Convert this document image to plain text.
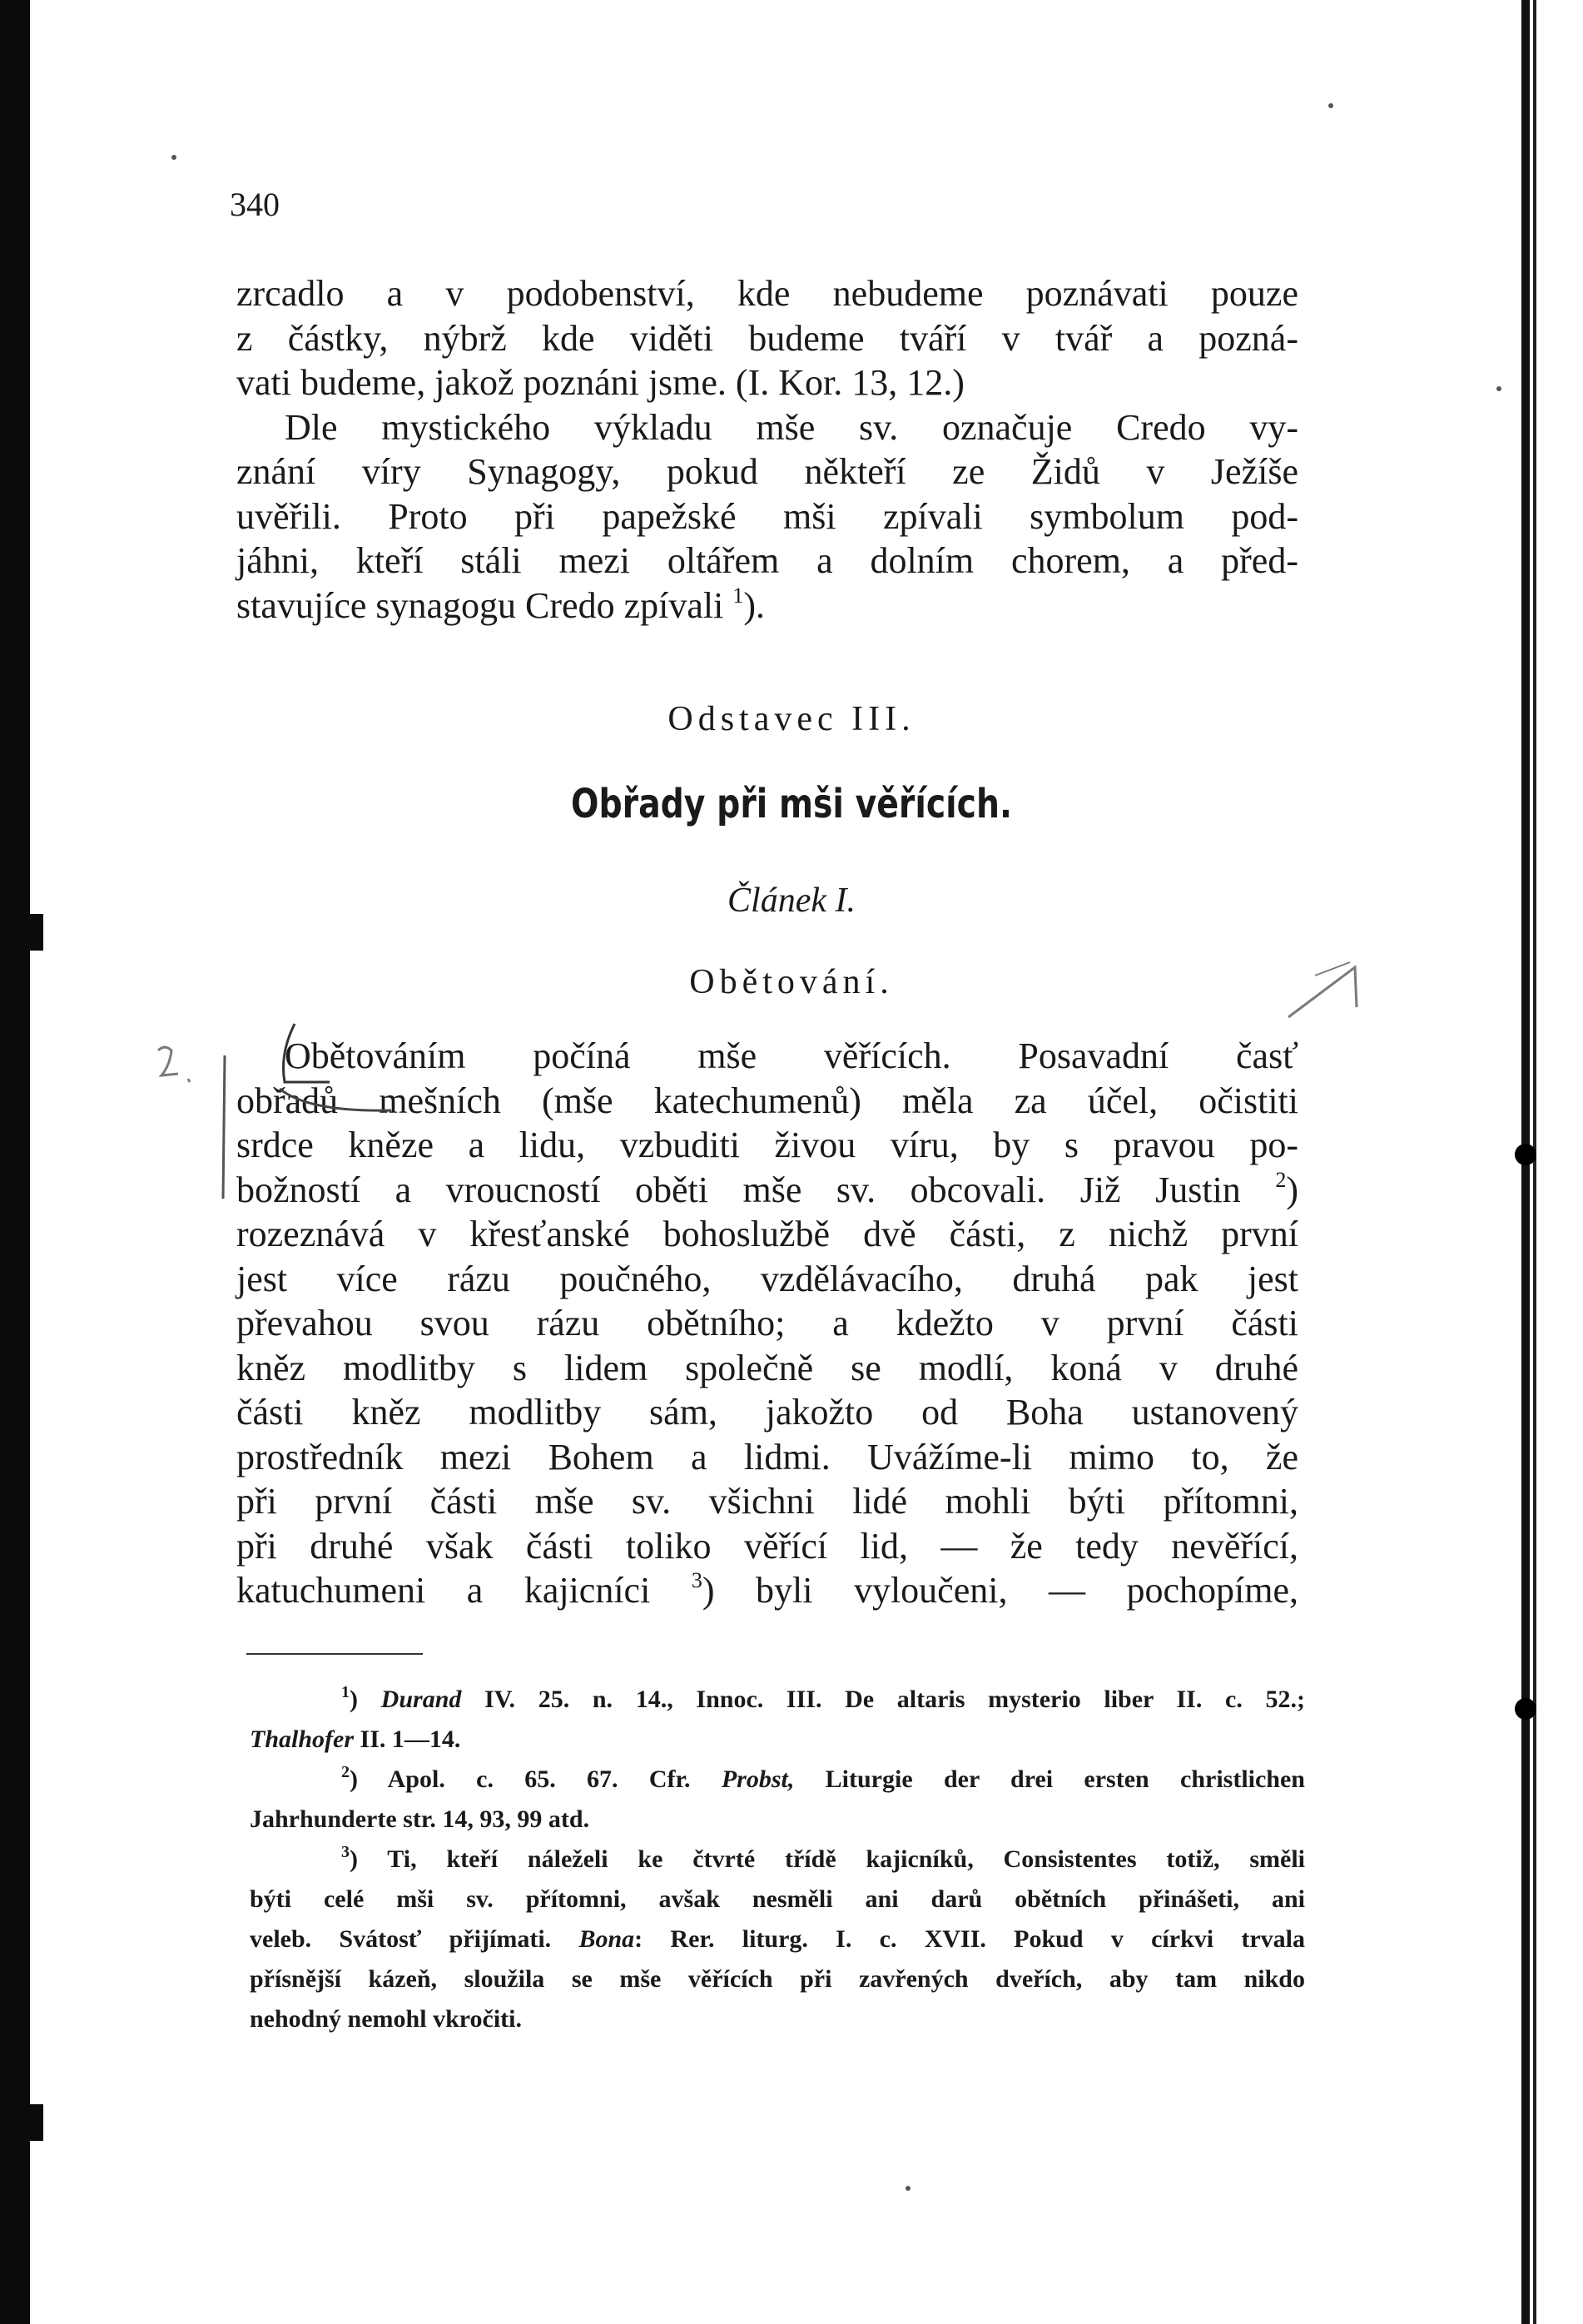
340
zrcadlo a v podobenství, kde nebudeme poznávati pouze
z částky, nýbrž kde viděti budeme tváří v tvář a pozná-
vati budeme, jakož poznáni jsme. (I. Kor. 13, 12.)
Dle mystického výkladu mše sv. označuje Credo vy-
znání víry Synagogy, pokud někteří ze Židů v Ježíše
uvěřili. Proto při papežské mši zpívali symbolum pod-
jáhni, kteří stáli mezi oltářem a dolním chorem, a před-
stavujíce synagogu Credo zpívali $^1$).
Odstavec III.
Obřady při mši věřících.
Článek I.
Obětování.
Obětováním počíná mše věřících. Posavadní časť
obřadů mešních (mše katechumenů) měla za účel, očistiti
srdce kněze a lidu, vzbuditi živou víru, by s pravou po-
božností a vroucností oběti mše sv. obcovali. Již Justin $^2$)
rozeznává v křesťanské bohoslužbě dvě části, z nichž první
jest více rázu poučného, vzdělávacího, druhá pak jest
převahou svou rázu obětního; a kdežto v první části
kněz modlitby s lidem společně se modlí, koná v druhé
části kněz modlitby sám, jakožto od Boha ustanovený
prostředník mezi Bohem a lidmi. Uvážíme-li mimo to, že
při první části mše sv. všichni lidé mohli býti přítomni,
při druhé však části toliko věřící lid, — že tedy nevěřící,
katuchumeni a kajicníci $^3$) byli vyloučeni, — pochopíme,
$^1$) Durand IV. 25. n. 14., Innoc. III. De altaris mysterio liber II. c. 52.;
Thalhofer II. 1—14.
$^2$) Apol. c. 65. 67. Cfr. Probst, Liturgie der drei ersten christlichen
Jahrhunderte str. 14, 93, 99 atd.
$^3$) Ti, kteří náleželi ke čtvrté třídě kajicníků, Consistentes totiž, směli
býti celé mši sv. přítomni, avšak nesměli ani darů obětních přinášeti, ani
veleb. Svátosť přijímati. Bona: Rer. liturg. I. c. XVII. Pokud v církvi trvala
přísnější kázeň, sloužila se mše věřících při zavřených dveřích, aby tam nikdo
nehodný nemohl vkročiti.
